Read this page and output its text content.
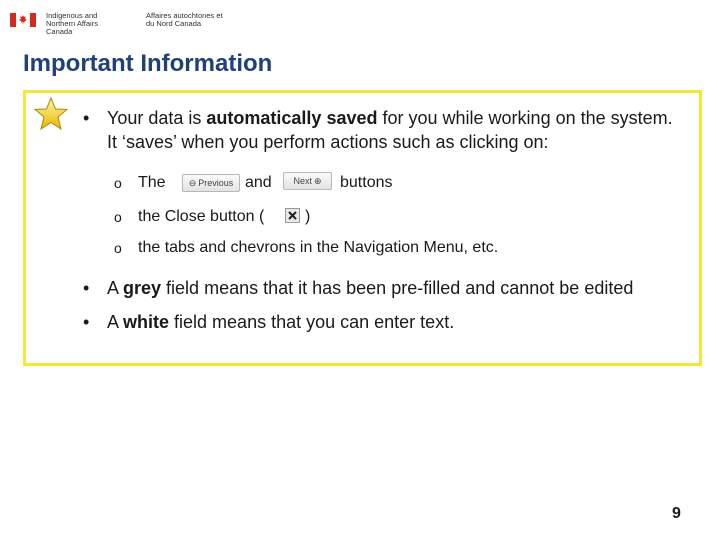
Indigenous and Northern Affairs Canada
Affaires autochtones et du Nord Canada
Important Information
• Your data is automatically saved for you while working on the system. It ‘saves’ when you perform actions such as clicking on:
o The	⊖ Previous and Next ⊕ buttons
o the Close button (	)
o the tabs and chevrons in the Navigation Menu, etc.
• A grey field means that it has been pre-filled and cannot be edited
• A white field means that you can enter text.
9
